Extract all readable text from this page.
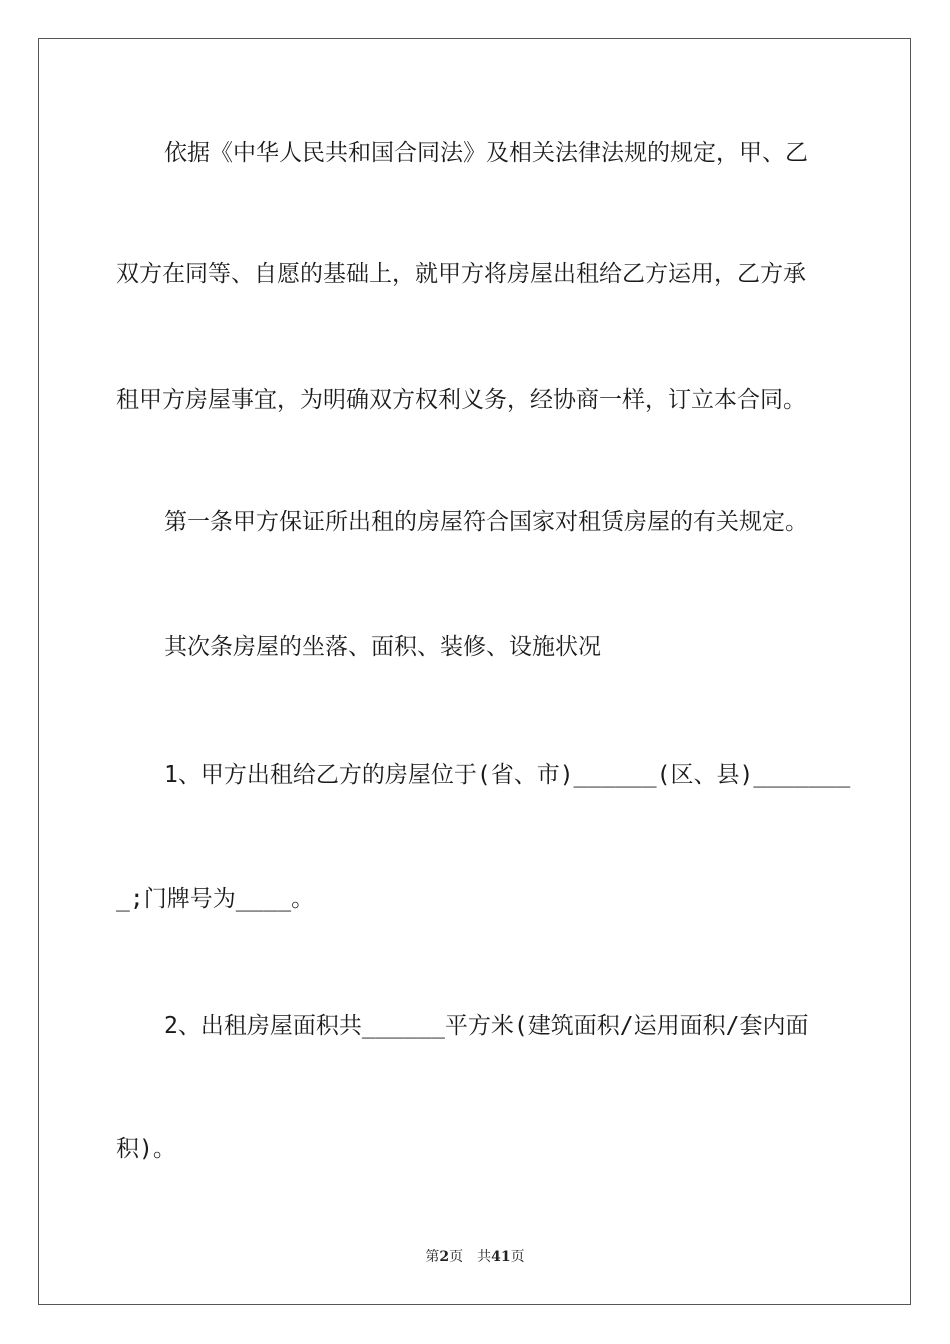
依据《中华人民共和国合同法》及相关法律法规的规定，甲、乙
双方在同等、自愿的基础上，就甲方将房屋出租给乙方运用，乙方承
租甲方房屋事宜，为明确双方权利义务，经协商一样，订立本合同。
第一条甲方保证所出租的房屋符合国家对租赁房屋的有关规定。
其次条房屋的坐落、面积、装修、设施状况
1、甲方出租给乙方的房屋位于(省、市)______(区、县)_______
_;门牌号为____。
2、出租房屋面积共______平方米(建筑面积/运用面积/套内面
积)。
第2页 共41页
